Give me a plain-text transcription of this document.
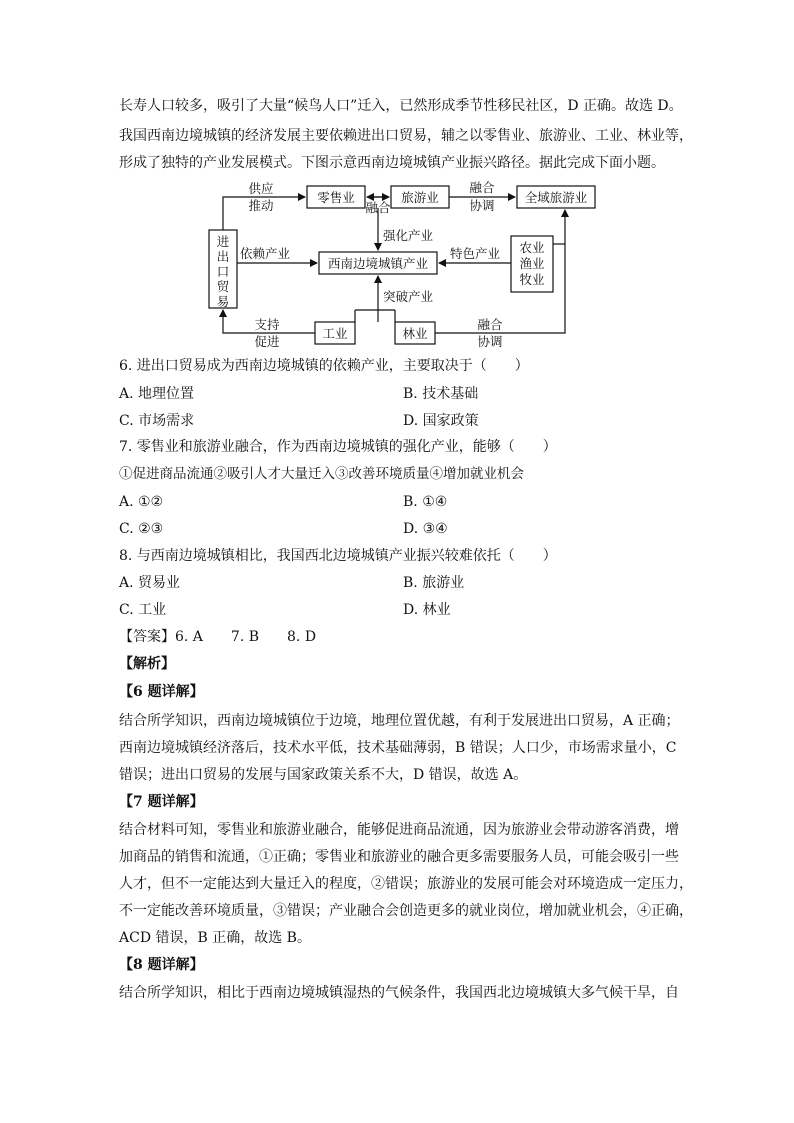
长寿人口较多，吸引了大量“候鸟人口”迁入，已然形成季节性移民社区，D 正确。故选 D。
我国西南边境城镇的经济发展主要依赖进出口贸易，辅之以零售业、旅游业、工业、林业等，
形成了独特的产业发展模式。下图示意西南边境城镇产业振兴路径。据此完成下面小题。
零售业	旅游业	全域旅游业
西南边境城镇产业
进
出
口
贸
易
农业
渔业
牧业
工业	林业
供应
推动	融合
融合
协调
强化产业
依赖产业	特色产业
突破产业
支持
促进
融合
协调
6. 进出口贸易成为西南边境城镇的依赖产业，主要取决于（　　）
A. 地理位置	B. 技术基础
C. 市场需求	D. 国家政策
7. 零售业和旅游业融合，作为西南边境城镇的强化产业，能够（　　）
①促进商品流通②吸引人才大量迁入③改善环境质量④增加就业机会
A. ①②	B. ①④
C. ②③	D. ③④
8. 与西南边境城镇相比，我国西北边境城镇产业振兴较难依托（　　）
A. 贸易业	B. 旅游业
C. 工业	D. 林业
【答案】6. A　　7. B　　8. D
【解析】
【6 题详解】
结合所学知识，西南边境城镇位于边境，地理位置优越，有利于发展进出口贸易，A 正确；
西南边境城镇经济落后，技术水平低，技术基础薄弱，B 错误；人口少，市场需求量小，C
错误；进出口贸易的发展与国家政策关系不大，D 错误，故选 A。
【7 题详解】
结合材料可知，零售业和旅游业融合，能够促进商品流通，因为旅游业会带动游客消费，增
加商品的销售和流通，①正确；零售业和旅游业的融合更多需要服务人员，可能会吸引一些
人才，但不一定能达到大量迁入的程度，②错误；旅游业的发展可能会对环境造成一定压力，
不一定能改善环境质量，③错误；产业融合会创造更多的就业岗位，增加就业机会，④正确，
ACD 错误，B 正确，故选 B。
【8 题详解】
结合所学知识，相比于西南边境城镇湿热的气候条件，我国西北边境城镇大多气候干旱，自
